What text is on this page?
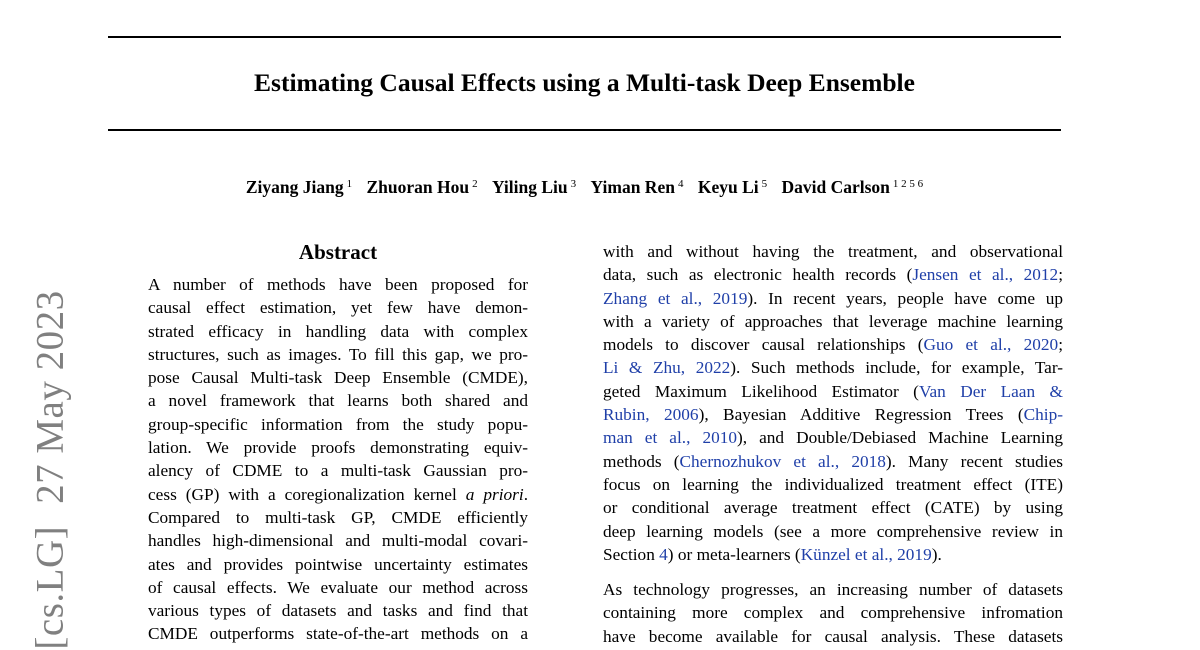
Estimating Causal Effects using a Multi-task Deep Ensemble
Ziyang Jiang $^1$ Zhuoran Hou $^2$ Yiling Liu $^3$ Yiman Ren $^4$ Keyu Li $^5$ David Carlson $^{1 2 5 6}$
[cs.LG]27 May 2023
Abstract
A number of methods have been proposed for
causal effect estimation, yet few have demon-
strated efficacy in handling data with complex
structures, such as images. To fill this gap, we pro-
pose Causal Multi-task Deep Ensemble (CMDE),
a novel framework that learns both shared and
group-specific information from the study popu-
lation. We provide proofs demonstrating equiv-
alency of CDME to a multi-task Gaussian pro-
cess (GP) with a coregionalization kernel a priori.
Compared to multi-task GP, CMDE efficiently
handles high-dimensional and multi-modal covari-
ates and provides pointwise uncertainty estimates
of causal effects. We evaluate our method across
various types of datasets and tasks and find that
CMDE outperforms state-of-the-art methods on a
with and without having the treatment, and observational
data, such as electronic health records (Jensen et al., 2012;
Zhang et al., 2019). In recent years, people have come up
with a variety of approaches that leverage machine learning
models to discover causal relationships (Guo et al., 2020;
Li & Zhu, 2022). Such methods include, for example, Tar-
geted Maximum Likelihood Estimator (Van Der Laan &
Rubin, 2006), Bayesian Additive Regression Trees (Chip-
man et al., 2010), and Double/Debiased Machine Learning
methods (Chernozhukov et al., 2018). Many recent studies
focus on learning the individualized treatment effect (ITE)
or conditional average treatment effect (CATE) by using
deep learning models (see a more comprehensive review in
Section 4) or meta-learners (Künzel et al., 2019).
As technology progresses, an increasing number of datasets
containing more complex and comprehensive infromation
have become available for causal analysis. These datasets
